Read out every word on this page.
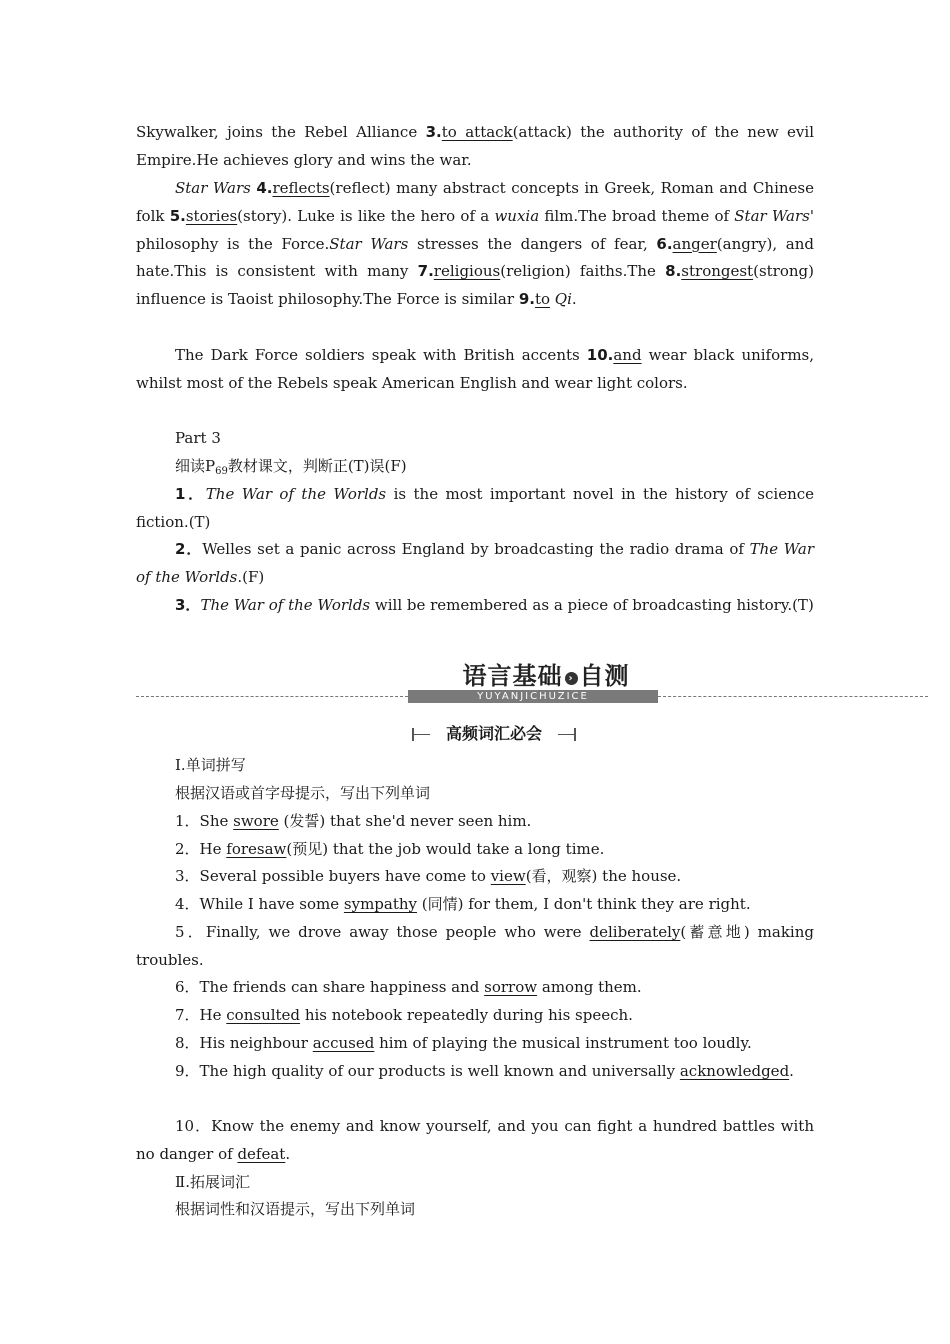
Skywalker, joins the Rebel Alliance 3.to attack(attack) the authority of the new evil Empire.He achieves glory and wins the war.
Star Wars 4.reflects(reflect) many abstract concepts in Greek, Roman and Chinese folk 5.stories(story). Luke is like the hero of a wuxia film.The broad theme of Star Wars' philosophy is the Force.Star Wars stresses the dangers of fear, 6.anger(angry), and hate.This is consistent with many 7.religious(religion) faiths.The 8.strongest(strong) influence is Taoist philosophy.The Force is similar 9.to Qi.
The Dark Force soldiers speak with British accents 10.and wear black uniforms, whilst most of the Rebels speak American English and wear light colors.
Part 3
细读$P_{69}$教材课文，判断正(T)误(F)
1．The War of the Worlds is the most important novel in the history of science fiction.(T)
2．Welles set a panic across England by broadcasting the radio drama of The War of the Worlds.(F)
3．The War of the Worlds will be remembered as a piece of broadcasting history.(T)
语言基础 › 自测
YUYANJICHUZICE
高频词汇必会
Ⅰ.单词拼写
根据汉语或首字母提示，写出下列单词
1．She swore (发誓) that she'd never seen him.
2．He foresaw(预见) that the job would take a long time.
3．Several possible buyers have come to view(看，观察) the house.
4．While I have some sympathy (同情) for them, I don't think they are right.
5．Finally, we drove away those people who were deliberately(蓄意地) making troubles.
6．The friends can share happiness and sorrow among them.
7．He consulted his notebook repeatedly during his speech.
8．His neighbour accused him of playing the musical instrument too loudly.
9．The high quality of our products is well known and universally acknowledged.
10．Know the enemy and know yourself, and you can fight a hundred battles with no danger of defeat.
Ⅱ.拓展词汇
根据词性和汉语提示，写出下列单词
